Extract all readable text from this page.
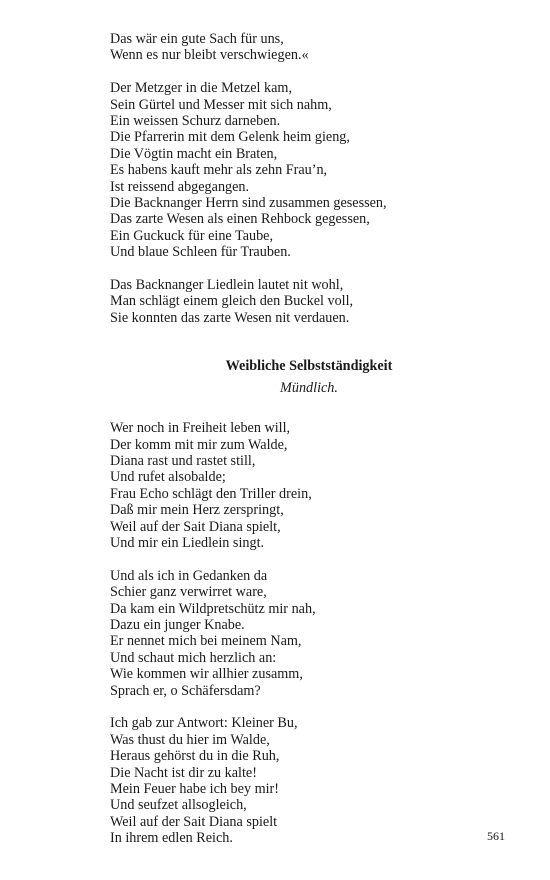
Das wär ein gute Sach für uns,
Wenn es nur bleibt verschwiegen.«
Der Metzger in die Metzel kam,
Sein Gürtel und Messer mit sich nahm,
Ein weissen Schurz darneben.
Die Pfarrerin mit dem Gelenk heim gieng,
Die Vögtin macht ein Braten,
Es habens kauft mehr als zehn Frau’n,
Ist reissend abgegangen.
Die Backnanger Herrn sind zusammen gesessen,
Das zarte Wesen als einen Rehbock gegessen,
Ein Guckuck für eine Taube,
Und blaue Schleen für Trauben.
Das Backnanger Liedlein lautet nit wohl,
Man schlägt einem gleich den Buckel voll,
Sie konnten das zarte Wesen nit verdauen.
Weibliche Selbstständigkeit
Mündlich.
Wer noch in Freiheit leben will,
Der komm mit mir zum Walde,
Diana rast und rastet still,
Und rufet alsobalde;
Frau Echo schlägt den Triller drein,
Daß mir mein Herz zerspringt,
Weil auf der Sait Diana spielt,
Und mir ein Liedlein singt.
Und als ich in Gedanken da
Schier ganz verwirret ware,
Da kam ein Wildpretschütz mir nah,
Dazu ein junger Knabe.
Er nennet mich bei meinem Nam,
Und schaut mich herzlich an:
Wie kommen wir allhier zusamm,
Sprach er, o Schäfersdam?
Ich gab zur Antwort: Kleiner Bu,
Was thust du hier im Walde,
Heraus gehörst du in die Ruh,
Die Nacht ist dir zu kalte!
Mein Feuer habe ich bey mir!
Und seufzet allsogleich,
Weil auf der Sait Diana spielt
In ihrem edlen Reich.	561
